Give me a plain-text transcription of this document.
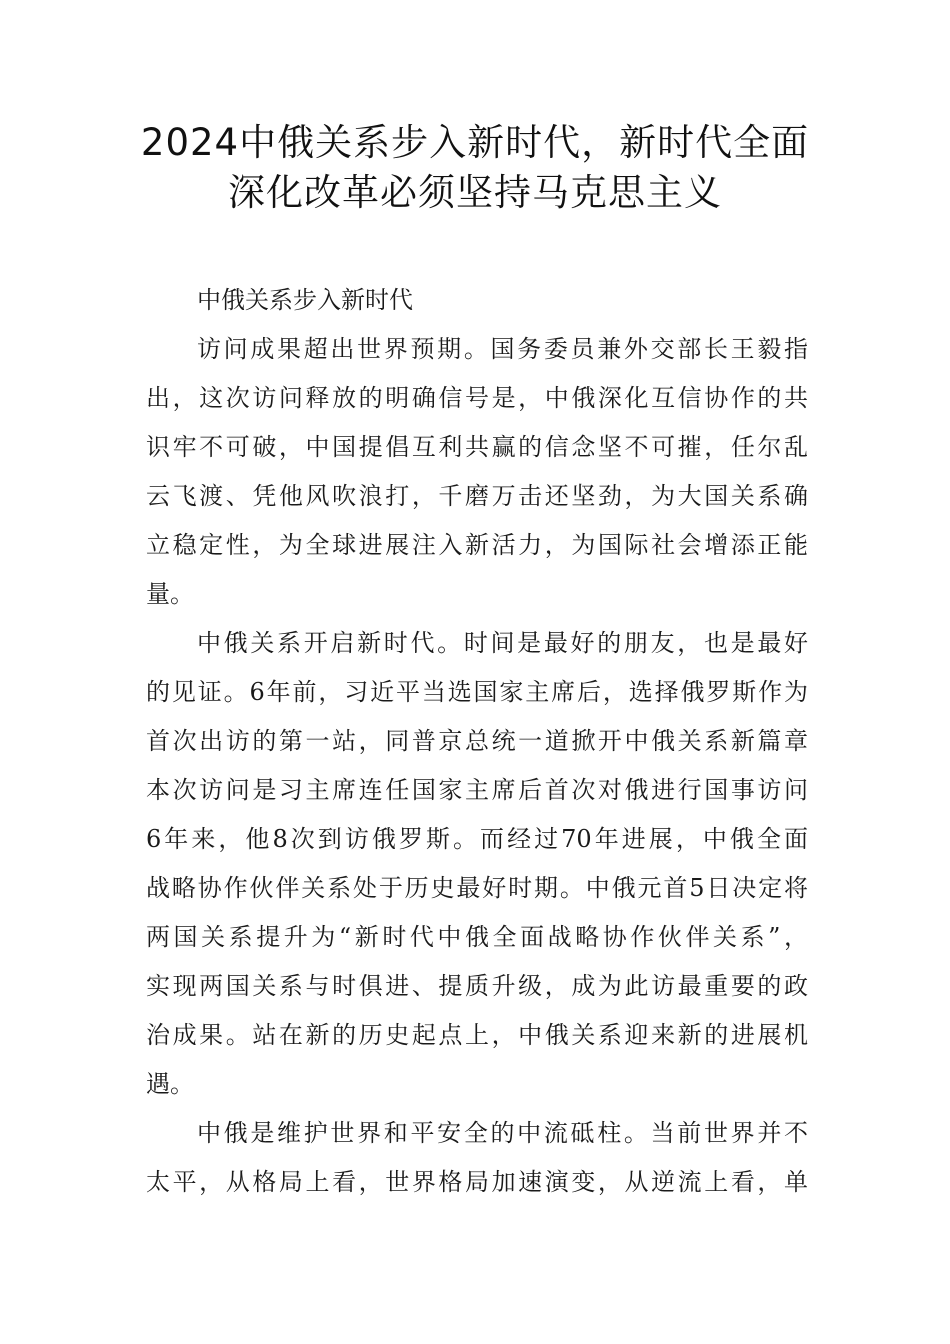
2024中俄关系步入新时代，新时代全面
深化改革必须坚持马克思主义
中俄关系步入新时代
访问成果超出世界预期。国务委员兼外交部长王毅指
出，这次访问释放的明确信号是，中俄深化互信协作的共
识牢不可破，中国提倡互利共赢的信念坚不可摧，任尔乱
云飞渡、凭他风吹浪打，千磨万击还坚劲，为大国关系确
立稳定性，为全球进展注入新活力，为国际社会增添正能
量。
中俄关系开启新时代。时间是最好的朋友，也是最好
的见证。6年前，习近平当选国家主席后，选择俄罗斯作为
首次出访的第一站，同普京总统一道掀开中俄关系新篇章
本次访问是习主席连任国家主席后首次对俄进行国事访问
6年来，他8次到访俄罗斯。而经过70年进展，中俄全面
战略协作伙伴关系处于历史最好时期。中俄元首5日决定将
两国关系提升为“新时代中俄全面战略协作伙伴关系”，
实现两国关系与时俱进、提质升级，成为此访最重要的政
治成果。站在新的历史起点上，中俄关系迎来新的进展机
遇。
中俄是维护世界和平安全的中流砥柱。当前世界并不
太平，从格局上看，世界格局加速演变，从逆流上看，单
